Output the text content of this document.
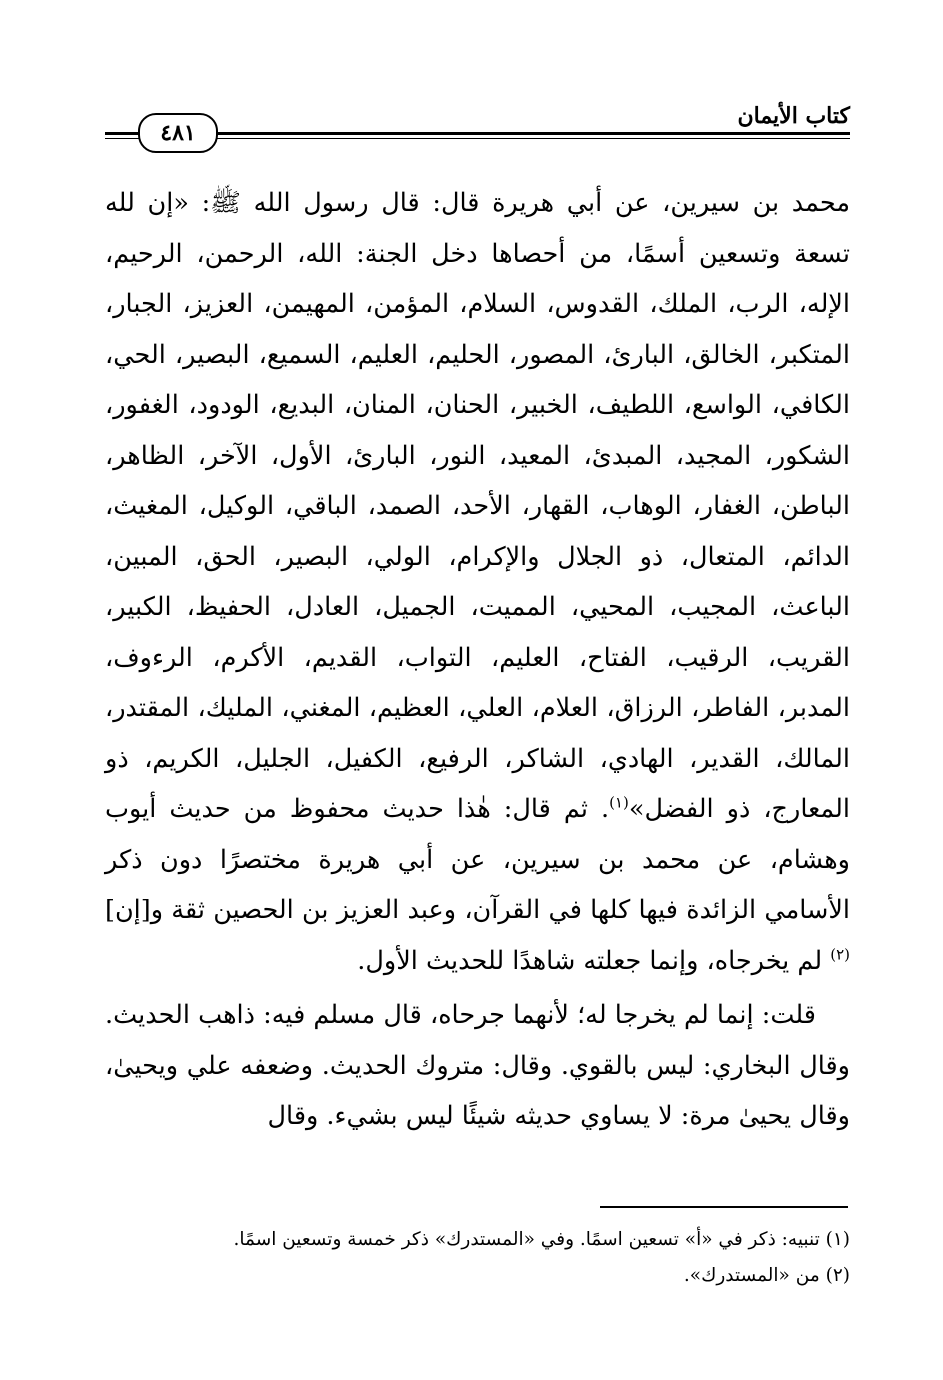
كتاب الأيمان
٤٨١

محمد بن سيرين، عن أبي هريرة قال: قال رسول الله ﷺ: «إن لله تسعة وتسعين أسمًا، من أحصاها دخل الجنة: الله، الرحمن، الرحيم، الإله، الرب، الملك، القدوس، السلام، المؤمن، المهيمن، العزيز، الجبار، المتكبر، الخالق، البارئ، المصور، الحليم، العليم، السميع، البصير، الحي، الكافي، الواسع، اللطيف، الخبير، الحنان، المنان، البديع، الودود، الغفور، الشكور، المجيد، المبدئ، المعيد، النور، البارئ، الأول، الآخر، الظاهر، الباطن، الغفار، الوهاب، القهار، الأحد، الصمد، الباقي، الوكيل، المغيث، الدائم، المتعال، ذو الجلال والإكرام، الولي، البصير، الحق، المبين، الباعث، المجيب، المحيي، المميت، الجميل، العادل، الحفيظ، الكبير، القريب، الرقيب، الفتاح، العليم، التواب، القديم، الأكرم، الرءوف، المدبر، الفاطر، الرزاق، العلام، العلي، العظيم، المغني، المليك، المقتدر، المالك، القدير، الهادي، الشاكر، الرفيع، الكفيل، الجليل، الكريم، ذو المعارج، ذو الفضل»$^{(١)}$. ثم قال: هٰذا حديث محفوظ من حديث أيوب وهشام، عن محمد بن سيرين، عن أبي هريرة مختصرًا دون ذكر الأسامي الزائدة فيها كلها في القرآن، وعبد العزيز بن الحصين ثقة و[إن]$^{(٢)}$ لم يخرجاه، وإنما جعلته شاهدًا للحديث الأول.

قلت: إنما لم يخرجا له؛ لأنهما جرحاه، قال مسلم فيه: ذاهب الحديث. وقال البخاري: ليس بالقوي. وقال: متروك الحديث. وضعفه علي ويحيىٰ، وقال يحيىٰ مرة: لا يساوي حديثه شيئًا ليس بشيء. وقال

(١) تنبيه: ذكر في «أ» تسعين اسمًا. وفي «المستدرك» ذكر خمسة وتسعين اسمًا.

(٢) من «المستدرك».
